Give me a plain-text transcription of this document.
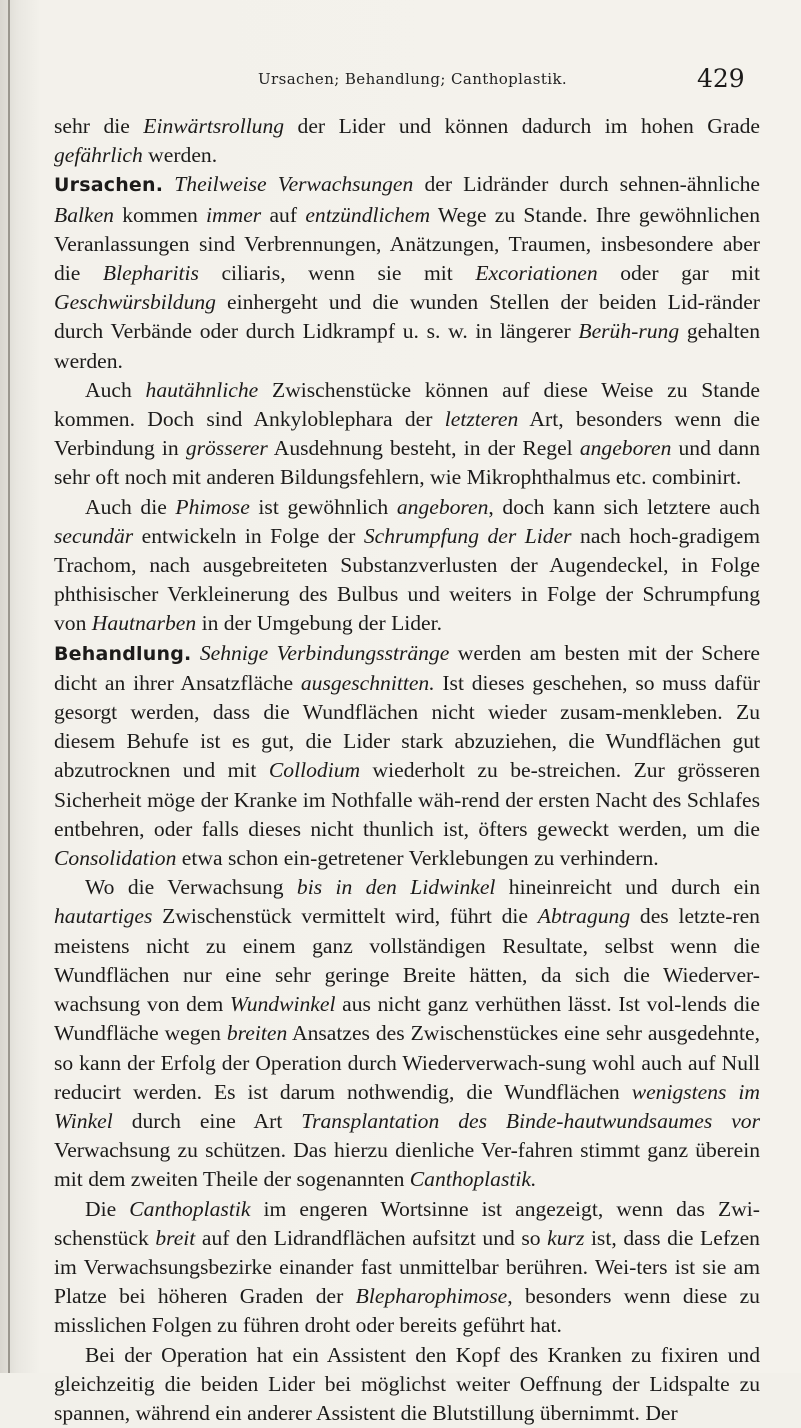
Ursachen; Behandlung; Canthoplastik.	429

sehr die Einwärtsrollung der Lider und können dadurch im hohen Grade gefährlich werden.

Ursachen. Theilweise Verwachsungen der Lidränder durch sehnen-ähnliche Balken kommen immer auf entzündlichem Wege zu Stande. Ihre gewöhnlichen Veranlassungen sind Verbrennungen, Anätzungen, Traumen, insbesondere aber die Blepharitis ciliaris, wenn sie mit Excoriationen oder gar mit Geschwürsbildung einhergeht und die wunden Stellen der beiden Lid-ränder durch Verbände oder durch Lidkrampf u. s. w. in längerer Berüh-rung gehalten werden.

Auch hautähnliche Zwischenstücke können auf diese Weise zu Stande kommen. Doch sind Ankyloblephara der letzteren Art, besonders wenn die Verbindung in grösserer Ausdehnung besteht, in der Regel angeboren und dann sehr oft noch mit anderen Bildungsfehlern, wie Mikrophthalmus etc. combinirt.

Auch die Phimose ist gewöhnlich angeboren, doch kann sich letztere auch secundär entwickeln in Folge der Schrumpfung der Lider nach hoch-gradigem Trachom, nach ausgebreiteten Substanzverlusten der Augendeckel, in Folge phthisischer Verkleinerung des Bulbus und weiters in Folge der Schrumpfung von Hautnarben in der Umgebung der Lider.

Behandlung. Sehnige Verbindungsstränge werden am besten mit der Schere dicht an ihrer Ansatzfläche ausgeschnitten. Ist dieses geschehen, so muss dafür gesorgt werden, dass die Wundflächen nicht wieder zusam-menkleben. Zu diesem Behufe ist es gut, die Lider stark abzuziehen, die Wundflächen gut abzutrocknen und mit Collodium wiederholt zu be-streichen. Zur grösseren Sicherheit möge der Kranke im Nothfalle wäh-rend der ersten Nacht des Schlafes entbehren, oder falls dieses nicht thunlich ist, öfters geweckt werden, um die Consolidation etwa schon ein-getretener Verklebungen zu verhindern.

Wo die Verwachsung bis in den Lidwinkel hineinreicht und durch ein hautartiges Zwischenstück vermittelt wird, führt die Abtragung des letzte-ren meistens nicht zu einem ganz vollständigen Resultate, selbst wenn die Wundflächen nur eine sehr geringe Breite hätten, da sich die Wiederver-wachsung von dem Wundwinkel aus nicht ganz verhüthen lässt. Ist vol-lends die Wundfläche wegen breiten Ansatzes des Zwischenstückes eine sehr ausgedehnte, so kann der Erfolg der Operation durch Wiederverwach-sung wohl auch auf Null reducirt werden. Es ist darum nothwendig, die Wundflächen wenigstens im Winkel durch eine Art Transplantation des Binde-hautwundsaumes vor Verwachsung zu schützen. Das hierzu dienliche Ver-fahren stimmt ganz überein mit dem zweiten Theile der sogenannten Canthoplastik.

Die Canthoplastik im engeren Wortsinne ist angezeigt, wenn das Zwi-schenstück breit auf den Lidrandflächen aufsitzt und so kurz ist, dass die Lefzen im Verwachsungsbezirke einander fast unmittelbar berühren. Wei-ters ist sie am Platze bei höheren Graden der Blepharophimose, besonders wenn diese zu misslichen Folgen zu führen droht oder bereits geführt hat.

Bei der Operation hat ein Assistent den Kopf des Kranken zu fixiren und gleichzeitig die beiden Lider bei möglichst weiter Oeffnung der Lidspalte zu spannen, während ein anderer Assistent die Blutstillung übernimmt. Der
